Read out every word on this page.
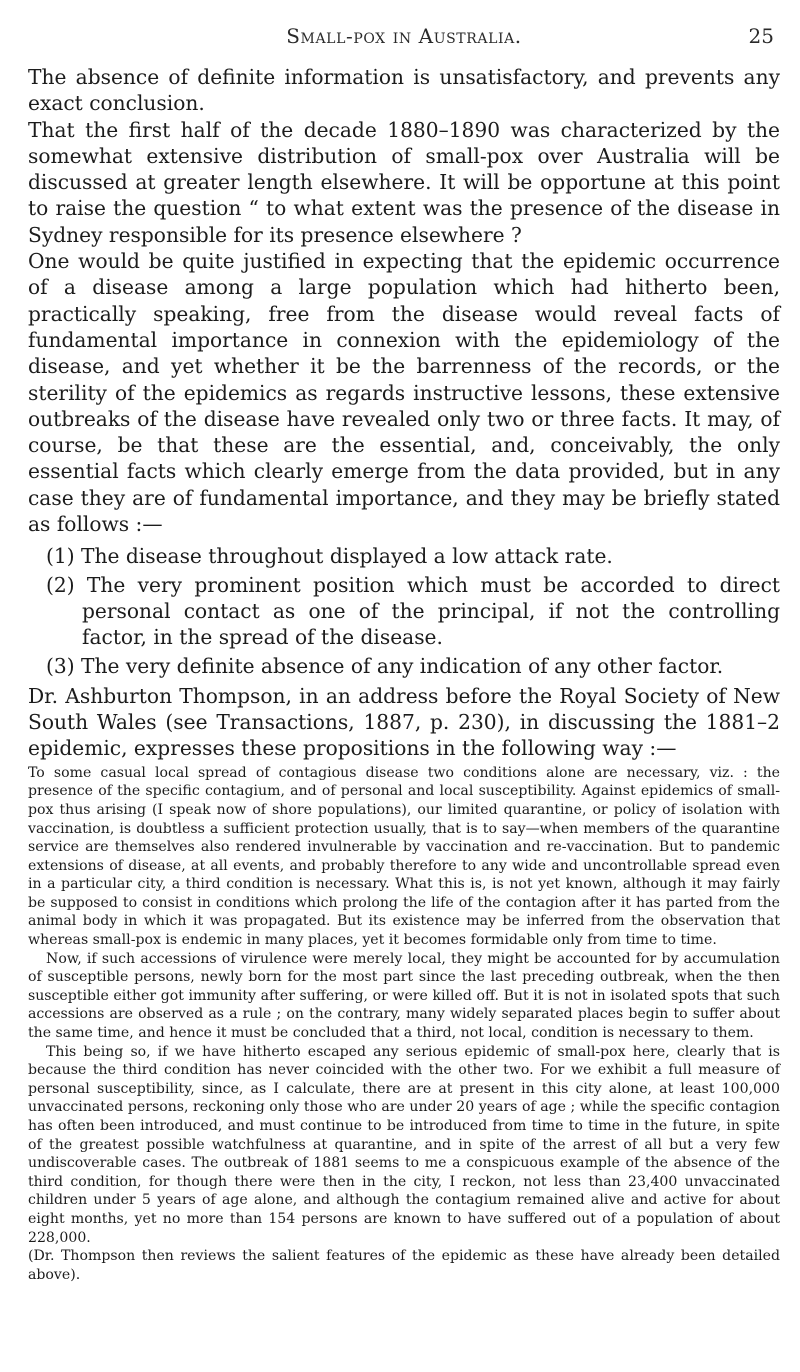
Small-pox in Australia.	25

The absence of definite information is unsatisfactory, and prevents any exact conclusion.

That the first half of the decade 1880–1890 was characterized by the somewhat extensive distribution of small-pox over Australia will be discussed at greater length elsewhere. It will be opportune at this point to raise the question “ to what extent was the presence of the disease in Sydney responsible for its presence elsewhere ?

One would be quite justified in expecting that the epidemic occurrence of a disease among a large population which had hitherto been, practically speaking, free from the disease would reveal facts of fundamental importance in connexion with the epidemiology of the disease, and yet whether it be the barrenness of the records, or the sterility of the epidemics as regards instructive lessons, these extensive outbreaks of the disease have revealed only two or three facts. It may, of course, be that these are the essential, and, conceivably, the only essential facts which clearly emerge from the data provided, but in any case they are of fundamental importance, and they may be briefly stated as follows :—

(1) The disease throughout displayed a low attack rate.
(2) The very prominent position which must be accorded to direct personal contact as one of the principal, if not the controlling factor, in the spread of the disease.
(3) The very definite absence of any indication of any other factor.

Dr. Ashburton Thompson, in an address before the Royal Society of New South Wales (see Transactions, 1887, p. 230), in discussing the 1881–2 epidemic, expresses these propositions in the following way :—

To some casual local spread of contagious disease two conditions alone are necessary, viz. : the presence of the specific contagium, and of personal and local susceptibility. Against epidemics of small-pox thus arising (I speak now of shore populations), our limited quarantine, or policy of isolation with vaccination, is doubtless a sufficient protection usually, that is to say—when members of the quarantine service are themselves also rendered invulnerable by vaccination and re-vaccination. But to pandemic extensions of disease, at all events, and probably therefore to any wide and uncontrollable spread even in a particular city, a third condition is necessary. What this is, is not yet known, although it may fairly be supposed to consist in conditions which prolong the life of the contagion after it has parted from the animal body in which it was propagated. But its existence may be inferred from the observation that whereas small-pox is endemic in many places, yet it becomes formidable only from time to time.

Now, if such accessions of virulence were merely local, they might be accounted for by accumulation of susceptible persons, newly born for the most part since the last preceding outbreak, when the then susceptible either got immunity after suffering, or were killed off. But it is not in isolated spots that such accessions are observed as a rule ; on the contrary, many widely separated places begin to suffer about the same time, and hence it must be concluded that a third, not local, condition is necessary to them.

This being so, if we have hitherto escaped any serious epidemic of small-pox here, clearly that is because the third condition has never coincided with the other two. For we exhibit a full measure of personal susceptibility, since, as I calculate, there are at present in this city alone, at least 100,000 unvaccinated persons, reckoning only those who are under 20 years of age ; while the specific contagion has often been introduced, and must continue to be introduced from time to time in the future, in spite of the greatest possible watchfulness at quarantine, and in spite of the arrest of all but a very few undiscoverable cases. The outbreak of 1881 seems to me a conspicuous example of the absence of the third condition, for though there were then in the city, I reckon, not less than 23,400 unvaccinated children under 5 years of age alone, and although the contagium remained alive and active for about eight months, yet no more than 154 persons are known to have suffered out of a population of about 228,000.

(Dr. Thompson then reviews the salient features of the epidemic as these have already been detailed above).
